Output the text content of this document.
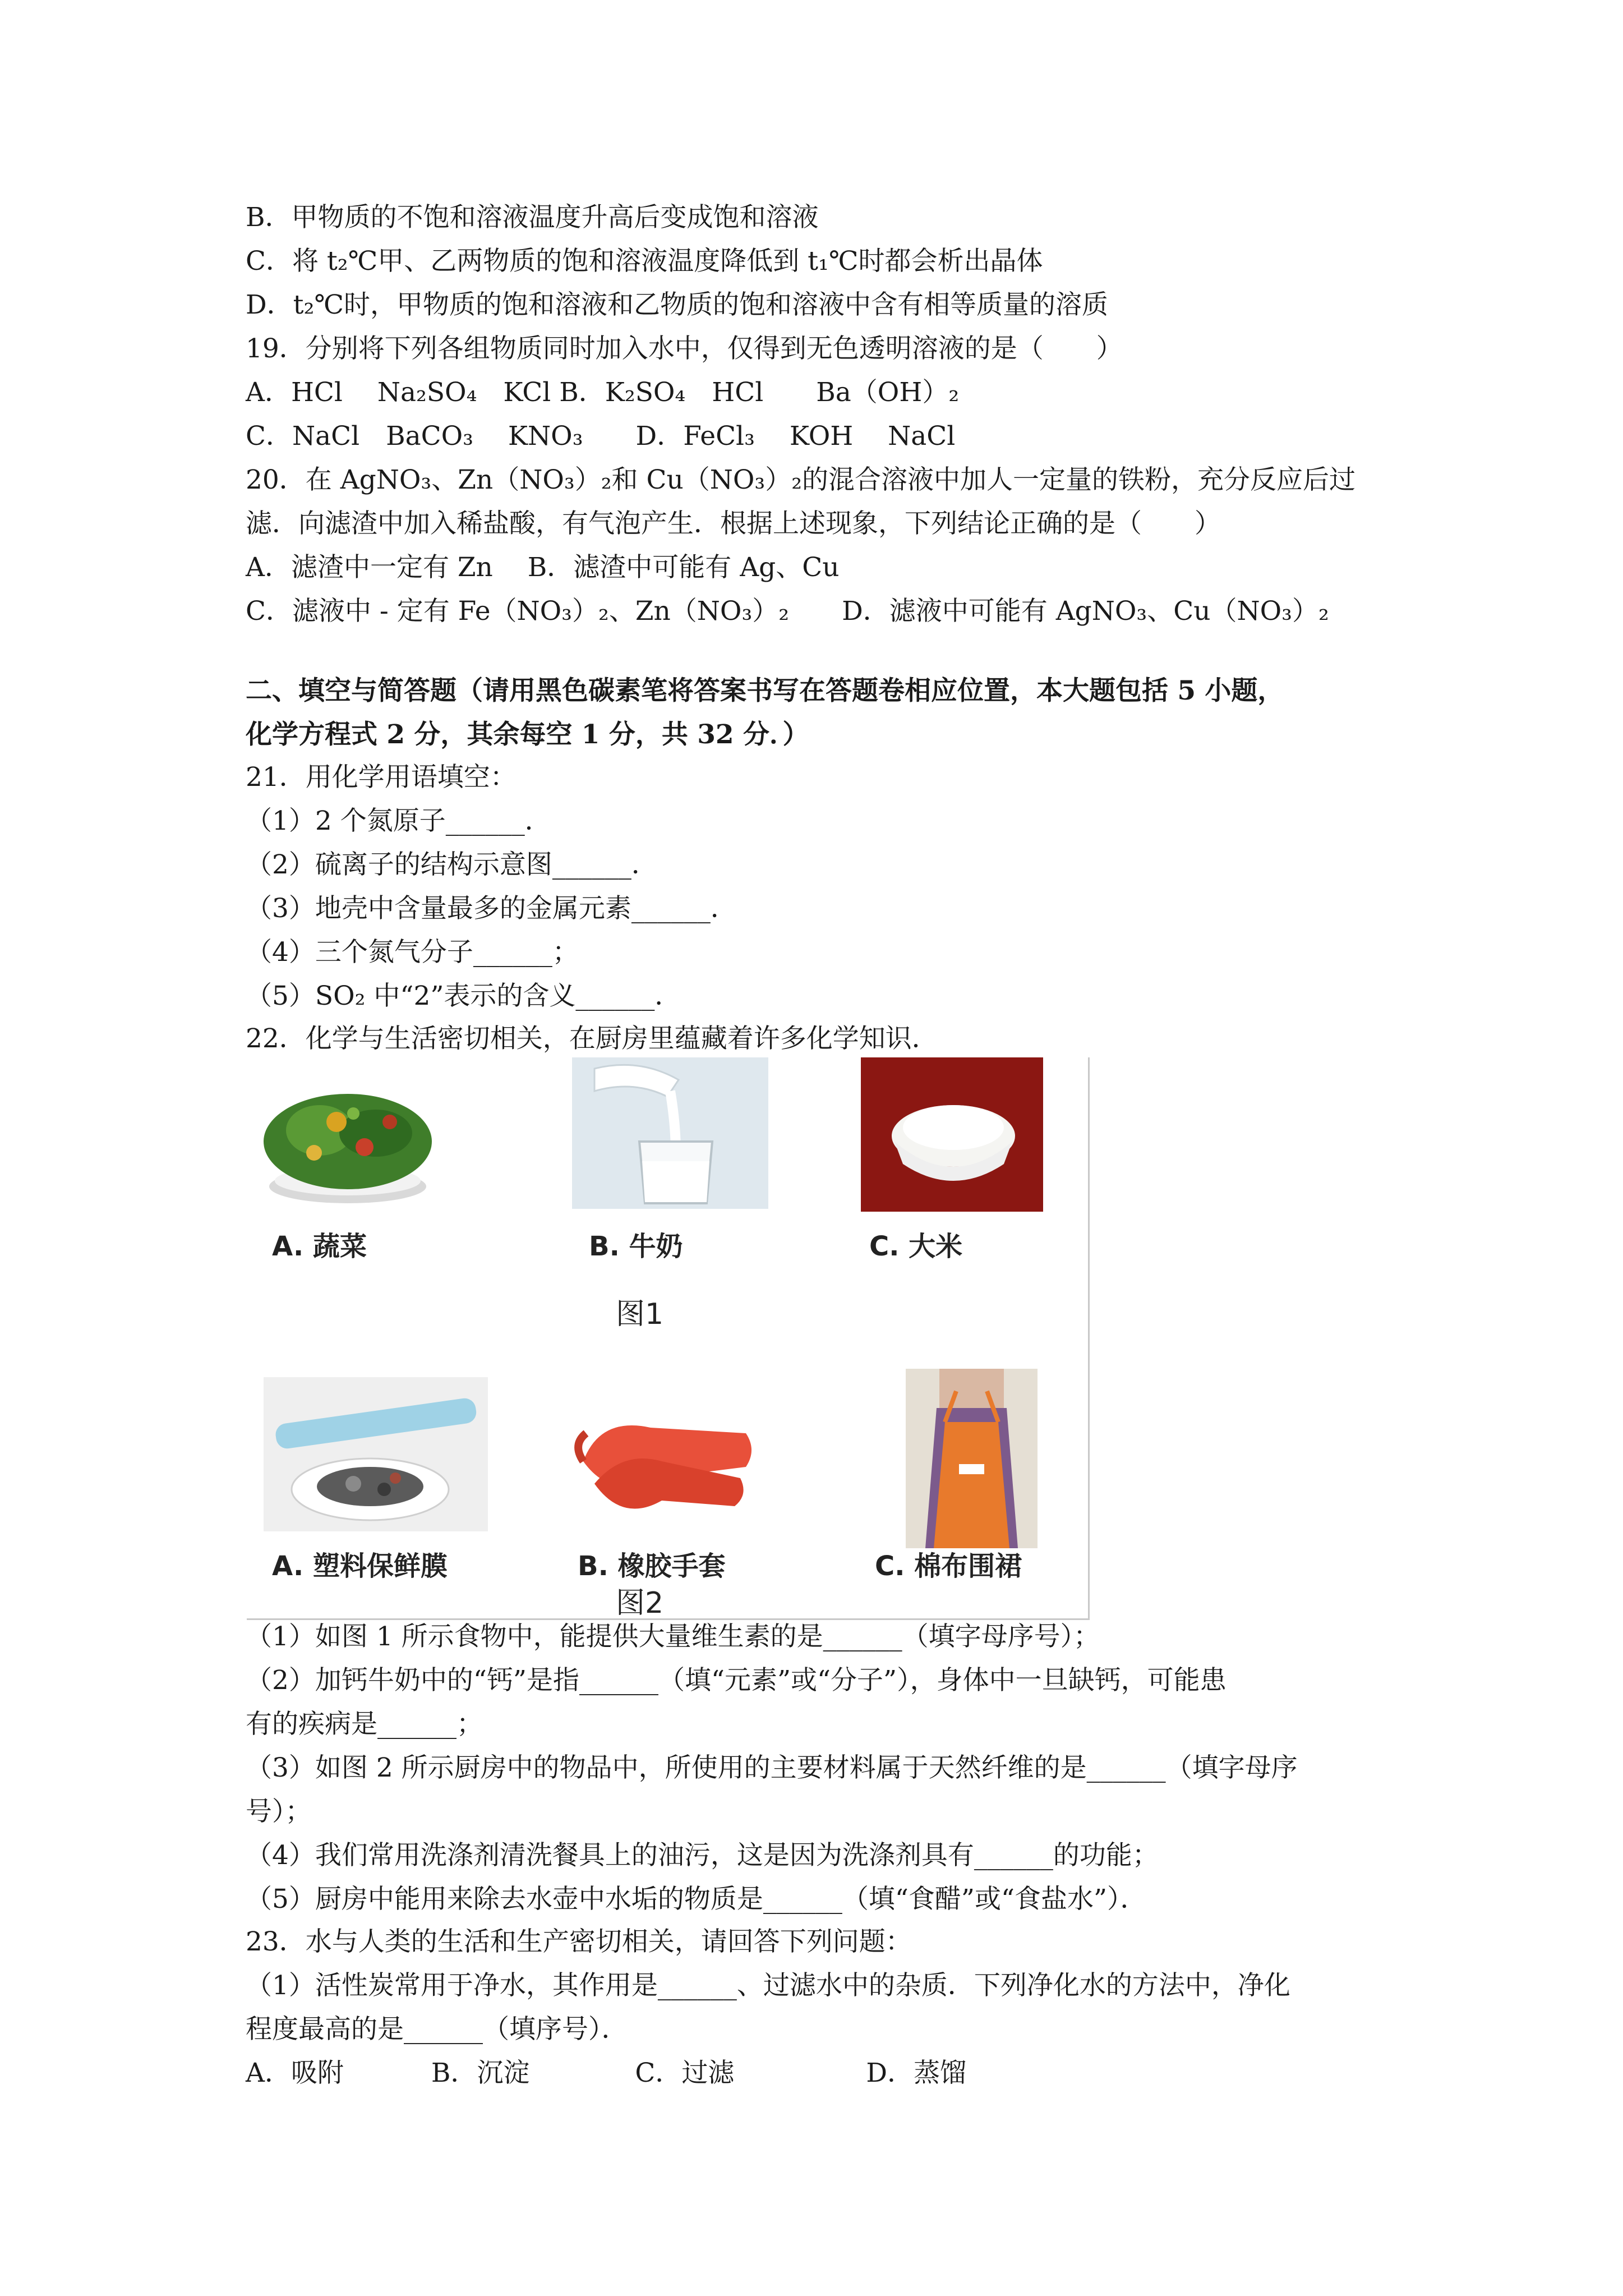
B．甲物质的不饱和溶液温度升高后变成饱和溶液
C．将 t₂℃甲、乙两物质的饱和溶液温度降低到 t₁℃时都会析出晶体
D．t₂℃时，甲物质的饱和溶液和乙物质的饱和溶液中含有相等质量的溶质
19．分别将下列各组物质同时加入水中，仅得到无色透明溶液的是（　　）
A．HCl　 Na₂SO₄　KCl B．K₂SO₄　HCl　　Ba（OH）₂
C．NaCl　BaCO₃　 KNO₃　　D．FeCl₃　 KOH　 NaCl
20．在 AgNO₃、Zn（NO₃）₂和 Cu（NO₃）₂的混合溶液中加人一定量的铁粉，充分反应后过
滤．向滤渣中加入稀盐酸，有气泡产生．根据上述现象，下列结论正确的是（　　）
A．滤渣中一定有 Zn　 B．滤渣中可能有 Ag、Cu
C．滤液中 - 定有 Fe（NO₃）₂、Zn（NO₃）₂　　D．滤液中可能有 AgNO₃、Cu（NO₃）₂
二、填空与简答题（请用黑色碳素笔将答案书写在答题卷相应位置，本大题包括 5 小题，
化学方程式 2 分，其余每空 1 分，共 32 分．）
21．用化学用语填空：
（1）2 个氮原子______．
（2）硫离子的结构示意图______．
（3）地壳中含量最多的金属元素______．
（4）三个氮气分子______；
（5）SO₂ 中“2”表示的含义______．
22．化学与生活密切相关，在厨房里蕴藏着许多化学知识．
A. 蔬菜	B. 牛奶	C. 大米
图1
A. 塑料保鲜膜	B. 橡胶手套	C. 棉布围裙
图2
（1）如图 1 所示食物中，能提供大量维生素的是______（填字母序号）；
（2）加钙牛奶中的“钙”是指______（填“元素”或“分子”），身体中一旦缺钙，可能患
有的疾病是______；
（3）如图 2 所示厨房中的物品中，所使用的主要材料属于天然纤维的是______（填字母序
号）；
（4）我们常用洗涤剂清洗餐具上的油污，这是因为洗涤剂具有______的功能；
（5）厨房中能用来除去水壶中水垢的物质是______（填“食醋”或“食盐水”）．
23．水与人类的生活和生产密切相关，请回答下列问题：
（1）活性炭常用于净水，其作用是______、过滤水中的杂质．下列净化水的方法中，净化
程度最高的是______（填序号）．
A．吸附　　　 B．沉淀　　　　C．过滤　　　　　D．蒸馏
